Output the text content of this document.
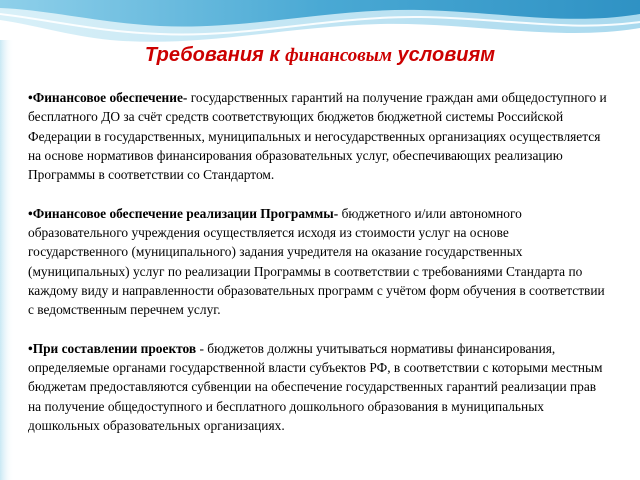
Требования к финансовым условиям

•Финансовое обеспечение- государственных гарантий на получение граждан ами общедоступного и бесплатного ДО за счёт средств соответствующих бюджетов бюджетной системы Российской Федерации в государственных, муниципальных и негосударственных организациях осуществляется на основе нормативов финансирования образовательных услуг, обеспечивающих реализацию Программы в соответствии со Стандартом.

•Финансовое обеспечение реализации Программы- бюджетного и/или автономного образовательного учреждения осуществляется исходя из стоимости услуг на основе государственного (муниципального) задания учредителя на оказание государственных (муниципальных) услуг по реализации Программы в соответствии с требованиями Стандарта по каждому виду и направленности образовательных программ с учётом форм обучения в соответствии с ведомственным перечнем услуг.

•При составлении проектов - бюджетов должны учитываться нормативы финансирования, определяемые органами государственной власти субъектов РФ, в соответствии с которыми местным бюджетам предоставляются субвенции на обеспечение государственных гарантий реализации прав на получение общедоступного и бесплатного дошкольного образования в муниципальных дошкольных образовательных организациях.
